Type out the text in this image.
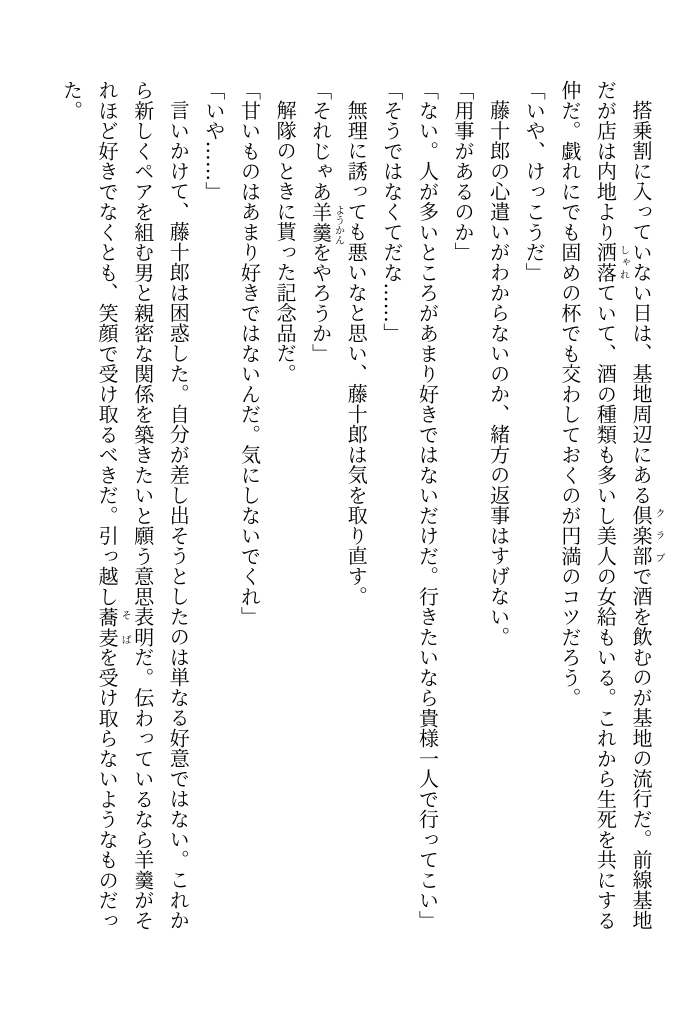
搭乗割に入っていない日は、基地周辺にある倶楽部 クラブ
で酒を飲むのが基地の流行だ。前線基地
だが店は内地より洒落 しゃれ
ていて、酒の種類も多いし美人の女給もいる。これから生死を共にする
仲だ。戯れにでも固めの杯でも交わしておくのが円満のコツだろう。
「いや、けっこうだ」
藤十郎の心遣いがわからないのか、緒方の返事はすげない。
「用事があるのか」
「ない。人が多いところがあまり好きではないだけだ。行きたいなら貴様一人で行ってこい」
「そうではなくてだな……」
無理に誘っても悪いなと思い、藤十郎は気を取り直す。
「それじゃあ羊羹 ようかん
をやろうか」
解隊のときに貰った記念品だ。
「甘いものはあまり好きではないんだ。気にしないでくれ」
「いや……」
言いかけて、藤十郎は困惑した。自分が差し出そうとしたのは単なる好意ではない。これか
ら新しくペアを組む男と親密な関係を築きたいと願う意思表明だ。伝わっているなら羊羹がそ
れほど好きでなくとも、笑顔で受け取るべきだ。引っ越し蕎麦 そば
を受け取らないようなものだっ
た。
